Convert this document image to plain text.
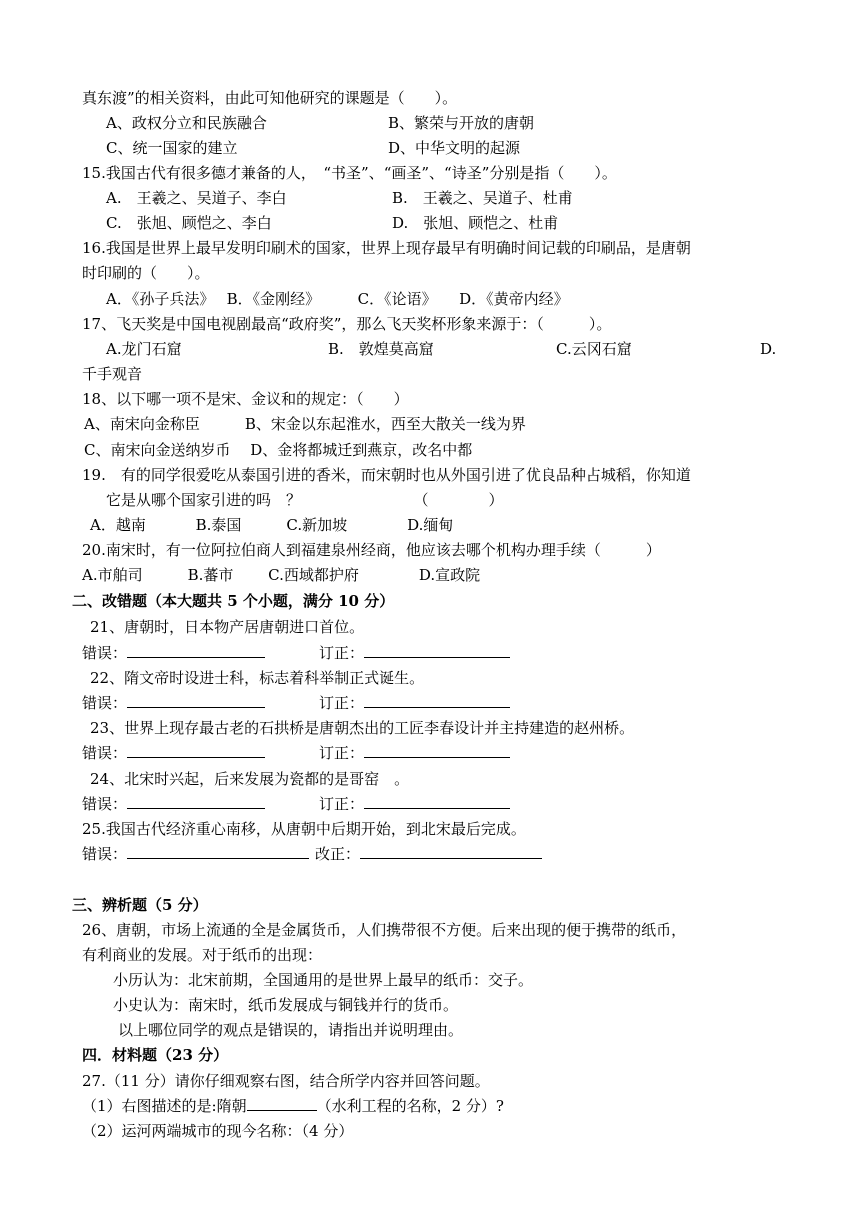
真东渡”的相关资料，由此可知他研究的课题是（　　）。
A、政权分立和民族融合	B、繁荣与开放的唐朝
C、统一国家的建立	D、中华文明的起源
15.我国古代有很多德才兼备的人，　“书圣”、“画圣”、“诗圣”分别是指（　　）。
A.　王羲之、吴道子、李白	B.　王羲之、吴道子、杜甫
C.　张旭、顾恺之、李白	D.　张旭、顾恺之、杜甫
16.我国是世界上最早发明印刷术的国家，世界上现存最早有明确时间记载的印刷品，是唐朝
时印刷的（　　）。
A．《孙子兵法》　 B．《金刚经》　　　C．《论语》　　D．《黄帝内经》
17、飞天奖是中国电视剧最高“政府奖”，那么飞天奖杯形象来源于：（　　　）。
A.龙门石窟	B.　敦煌莫高窟	C.云冈石窟	D.
千手观音
18、以下哪一项不是宋、金议和的规定：（　　）
A、南宋向金称臣　　　B、宋金以东起淮水，西至大散关一线为界
C、南宋向金送纳岁币　 D、金将都城迁到燕京，改名中都
19.　有的同学很爱吃从泰国引进的香米，而宋朝时也从外国引进了优良品种占城稻，你知道
它是从哪个国家引进的吗　？　　　　　　　　（　　　　）
A．越南　　　 B.泰国　　　C.新加坡　　　　D.缅甸
20.南宋时，有一位阿拉伯商人到福建泉州经商，他应该去哪个机构办理手续（　　　）
A.市舶司　　　B.蕃市　　 C.西域都护府　　　　D.宣政院
二、改错题（本大题共 5 个小题，满分 10 分）
21、唐朝时，日本物产居唐朝进口首位。
错误：	订正：
22、隋文帝时设进士科，标志着科举制正式诞生。
错误：	订正：
23、世界上现存最古老的石拱桥是唐朝杰出的工匠李春设计并主持建造的赵州桥。
错误：	订正：
24、北宋时兴起，后来发展为瓷都的是哥窑　。
错误：	订正：
25.我国古代经济重心南移，从唐朝中后期开始，到北宋最后完成。
错误：	改正：
三、辨析题（5 分）
26、唐朝，市场上流通的全是金属货币，人们携带很不方便。后来出现的便于携带的纸币，
有利商业的发展。对于纸币的出现：
小历认为：北宋前期，全国通用的是世界上最早的纸币：交子。
小史认为：南宋时，纸币发展成与铜钱并行的货币。
以上哪位同学的观点是错误的，请指出并说明理由。
四．材料题（23 分）
27.（11 分）请你仔细观察右图，结合所学内容并回答问题。
（1）右图描述的是:隋朝	（水利工程的名称，2 分）?
（2）运河两端城市的现今名称：（4 分）
